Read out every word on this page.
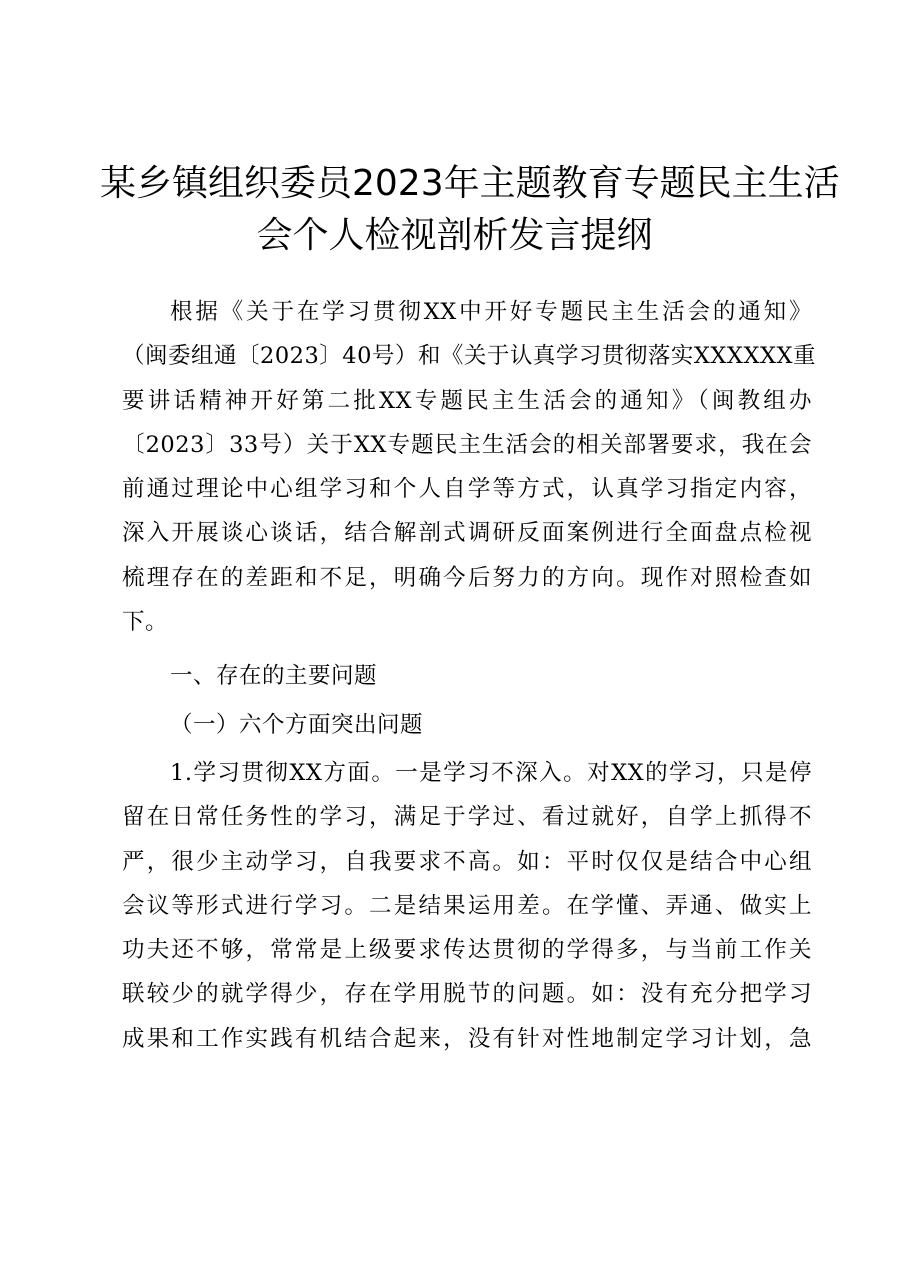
某乡镇组织委员2023年主题教育专题民主生活
会个人检视剖析发言提纲

根据《关于在学习贯彻XX中开好专题民主生活会的通知》
（闽委组通〔2023〕40号）和《关于认真学习贯彻落实XXXXXX重
要讲话精神开好第二批XX专题民主生活会的通知》（闽教组办
〔2023〕33号）关于XX专题民主生活会的相关部署要求，我在会
前通过理论中心组学习和个人自学等方式，认真学习指定内容，
深入开展谈心谈话，结合解剖式调研反面案例进行全面盘点检视
梳理存在的差距和不足，明确今后努力的方向。现作对照检查如
下。

一、存在的主要问题

（一）六个方面突出问题

1.学习贯彻XX方面。一是学习不深入。对XX的学习，只是停
留在日常任务性的学习，满足于学过、看过就好，自学上抓得不
严，很少主动学习，自我要求不高。如：平时仅仅是结合中心组
会议等形式进行学习。二是结果运用差。在学懂、弄通、做实上
功夫还不够，常常是上级要求传达贯彻的学得多，与当前工作关
联较少的就学得少，存在学用脱节的问题。如：没有充分把学习
成果和工作实践有机结合起来，没有针对性地制定学习计划，急
